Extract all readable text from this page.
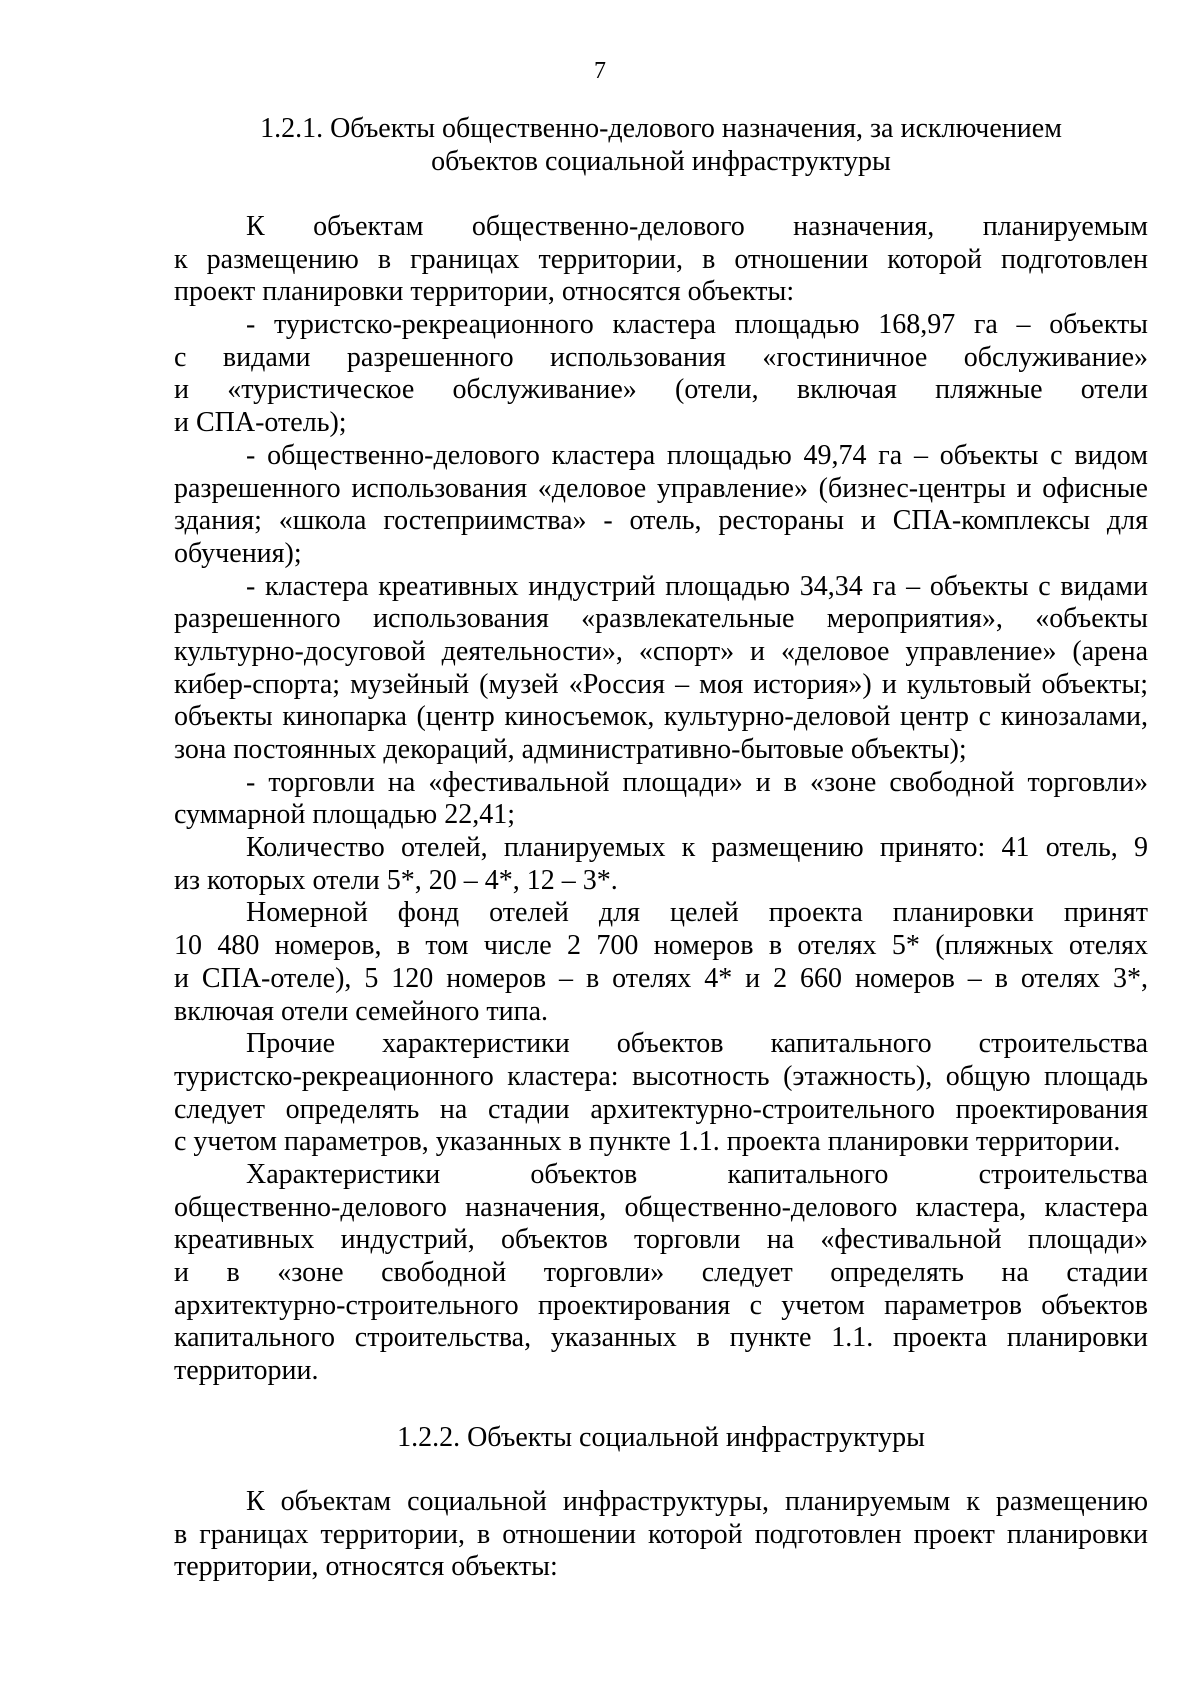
7
1.2.1. Объекты общественно-делового назначения, за исключением
объектов социальной инфраструктуры
К объектам общественно-делового назначения, планируемым
к размещению в границах территории, в отношении которой подготовлен
проект планировки территории, относятся объекты:
- туристско-рекреационного кластера площадью 168,97 га – объекты
с видами разрешенного использования «гостиничное обслуживание»
и «туристическое обслуживание» (отели, включая пляжные отели
и СПА-отель);
- общественно-делового кластера площадью 49,74 га – объекты с видом
разрешенного использования «деловое управление» (бизнес-центры и офисные
здания; «школа гостеприимства» - отель, рестораны и СПА-комплексы для
обучения);
- кластера креативных индустрий площадью 34,34 га – объекты с видами
разрешенного использования «развлекательные мероприятия», «объекты
культурно-досуговой деятельности», «спорт» и «деловое управление» (арена
кибер-спорта; музейный (музей «Россия – моя история») и культовый объекты;
объекты кинопарка (центр киносъемок, культурно-деловой центр с кинозалами,
зона постоянных декораций, административно-бытовые объекты);
- торговли на «фестивальной площади» и в «зоне свободной торговли»
суммарной площадью 22,41;
Количество отелей, планируемых к размещению принято: 41 отель, 9
из которых отели 5*, 20 – 4*, 12 – 3*.
Номерной фонд отелей для целей проекта планировки принят
10 480 номеров, в том числе 2 700 номеров в отелях 5* (пляжных отелях
и СПА-отеле), 5 120 номеров – в отелях 4* и 2 660 номеров – в отелях 3*,
включая отели семейного типа.
Прочие характеристики объектов капитального строительства
туристско-рекреационного кластера: высотность (этажность), общую площадь
следует определять на стадии архитектурно-строительного проектирования
с учетом параметров, указанных в пункте 1.1. проекта планировки территории.
Характеристики объектов капитального строительства
общественно-делового назначения, общественно-делового кластера, кластера
креативных индустрий, объектов торговли на «фестивальной площади»
и в «зоне свободной торговли» следует определять на стадии
архитектурно-строительного проектирования с учетом параметров объектов
капитального строительства, указанных в пункте 1.1. проекта планировки
территории.
1.2.2. Объекты социальной инфраструктуры
К объектам социальной инфраструктуры, планируемым к размещению
в границах территории, в отношении которой подготовлен проект планировки
территории, относятся объекты:
